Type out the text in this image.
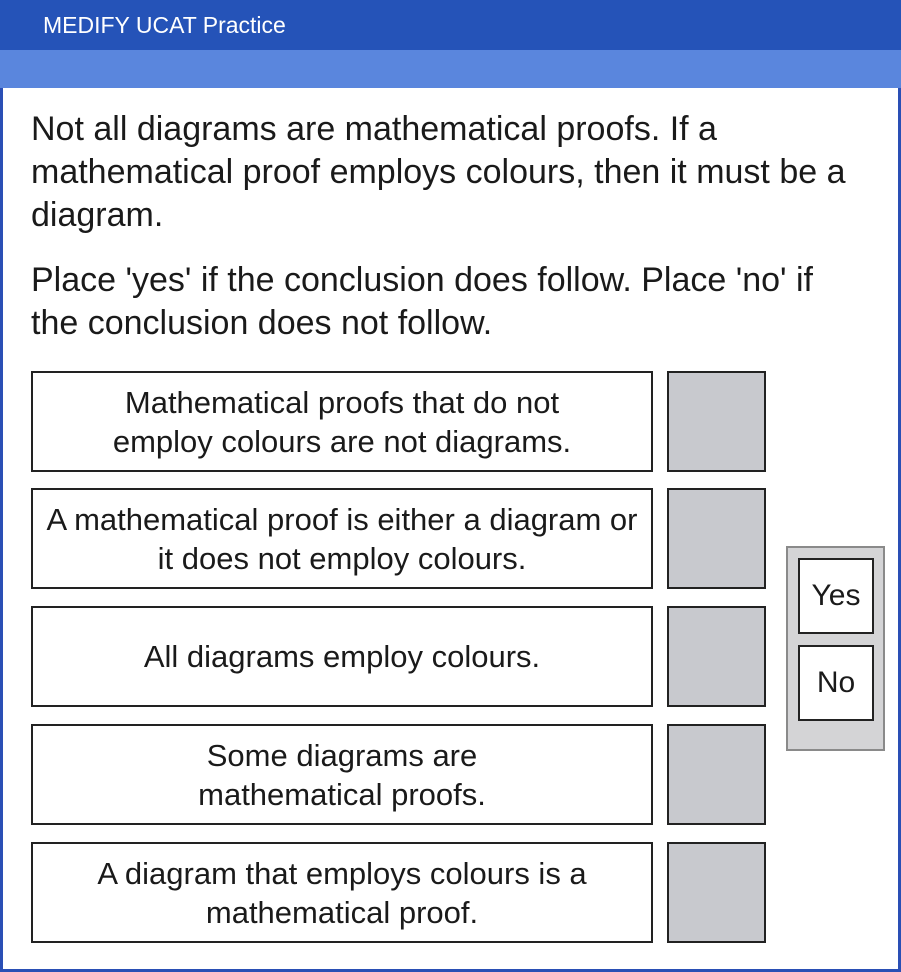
MEDIFY UCAT Practice
Not all diagrams are mathematical proofs. If a mathematical proof employs colours, then it must be a diagram.
Place 'yes' if the conclusion does follow. Place 'no' if the conclusion does not follow.
Mathematical proofs that do not employ colours are not diagrams.
A mathematical proof is either a diagram or it does not employ colours.
All diagrams employ colours.
Some diagrams are mathematical proofs.
A diagram that employs colours is a mathematical proof.
Yes
No
